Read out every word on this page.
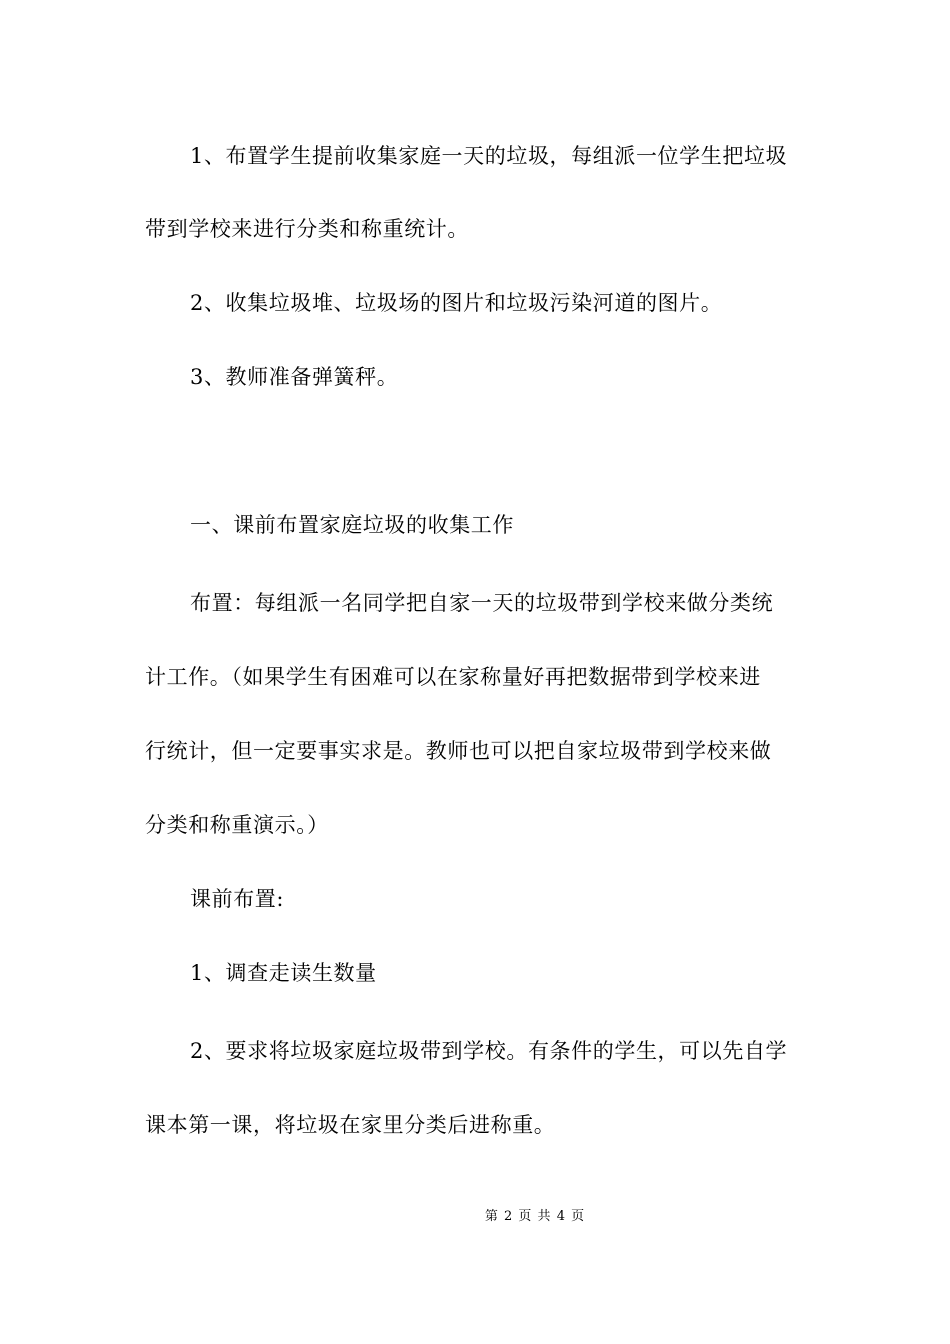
1、布置学生提前收集家庭一天的垃圾，每组派一位学生把垃圾
带到学校来进行分类和称重统计。
2、收集垃圾堆、垃圾场的图片和垃圾污染河道的图片。
3、教师准备弹簧秤。
一、课前布置家庭垃圾的收集工作
布置：每组派一名同学把自家一天的垃圾带到学校来做分类统
计工作。（如果学生有困难可以在家称量好再把数据带到学校来进
行统计，但一定要事实求是。教师也可以把自家垃圾带到学校来做
分类和称重演示。）
课前布置:
1、调查走读生数量
2、要求将垃圾家庭垃圾带到学校。有条件的学生，可以先自学
课本第一课，将垃圾在家里分类后进称重。
第 2 页 共 4 页
